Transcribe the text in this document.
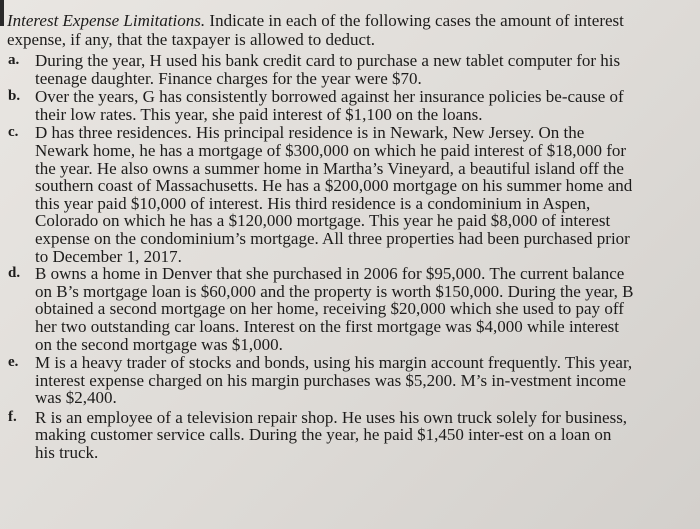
Interest Expense Limitations. Indicate in each of the following cases the amount of interest expense, if any, that the taxpayer is allowed to deduct.

a. During the year, H used his bank credit card to purchase a new tablet computer for his teenage daughter. Finance charges for the year were $70.
b. Over the years, G has consistently borrowed against her insurance policies be-cause of their low rates. This year, she paid interest of $1,100 on the loans.
c. D has three residences. His principal residence is in Newark, New Jersey. On the Newark home, he has a mortgage of $300,000 on which he paid interest of $18,000 for the year. He also owns a summer home in Martha’s Vineyard, a beautiful island off the southern coast of Massachusetts. He has a $200,000 mortgage on his summer home and this year paid $10,000 of interest. His third residence is a condominium in Aspen, Colorado on which he has a $120,000 mortgage. This year he paid $8,000 of interest expense on the condominium’s mortgage. All three properties had been purchased prior to December 1, 2017.
d. B owns a home in Denver that she purchased in 2006 for $95,000. The current balance on B’s mortgage loan is $60,000 and the property is worth $150,000. During the year, B obtained a second mortgage on her home, receiving $20,000 which she used to pay off her two outstanding car loans. Interest on the first mortgage was $4,000 while interest on the second mortgage was $1,000.
e. M is a heavy trader of stocks and bonds, using his margin account frequently. This year, interest expense charged on his margin purchases was $5,200. M’s in-vestment income was $2,400.
f. R is an employee of a television repair shop. He uses his own truck solely for business, making customer service calls. During the year, he paid $1,450 inter-est on a loan on his truck.
